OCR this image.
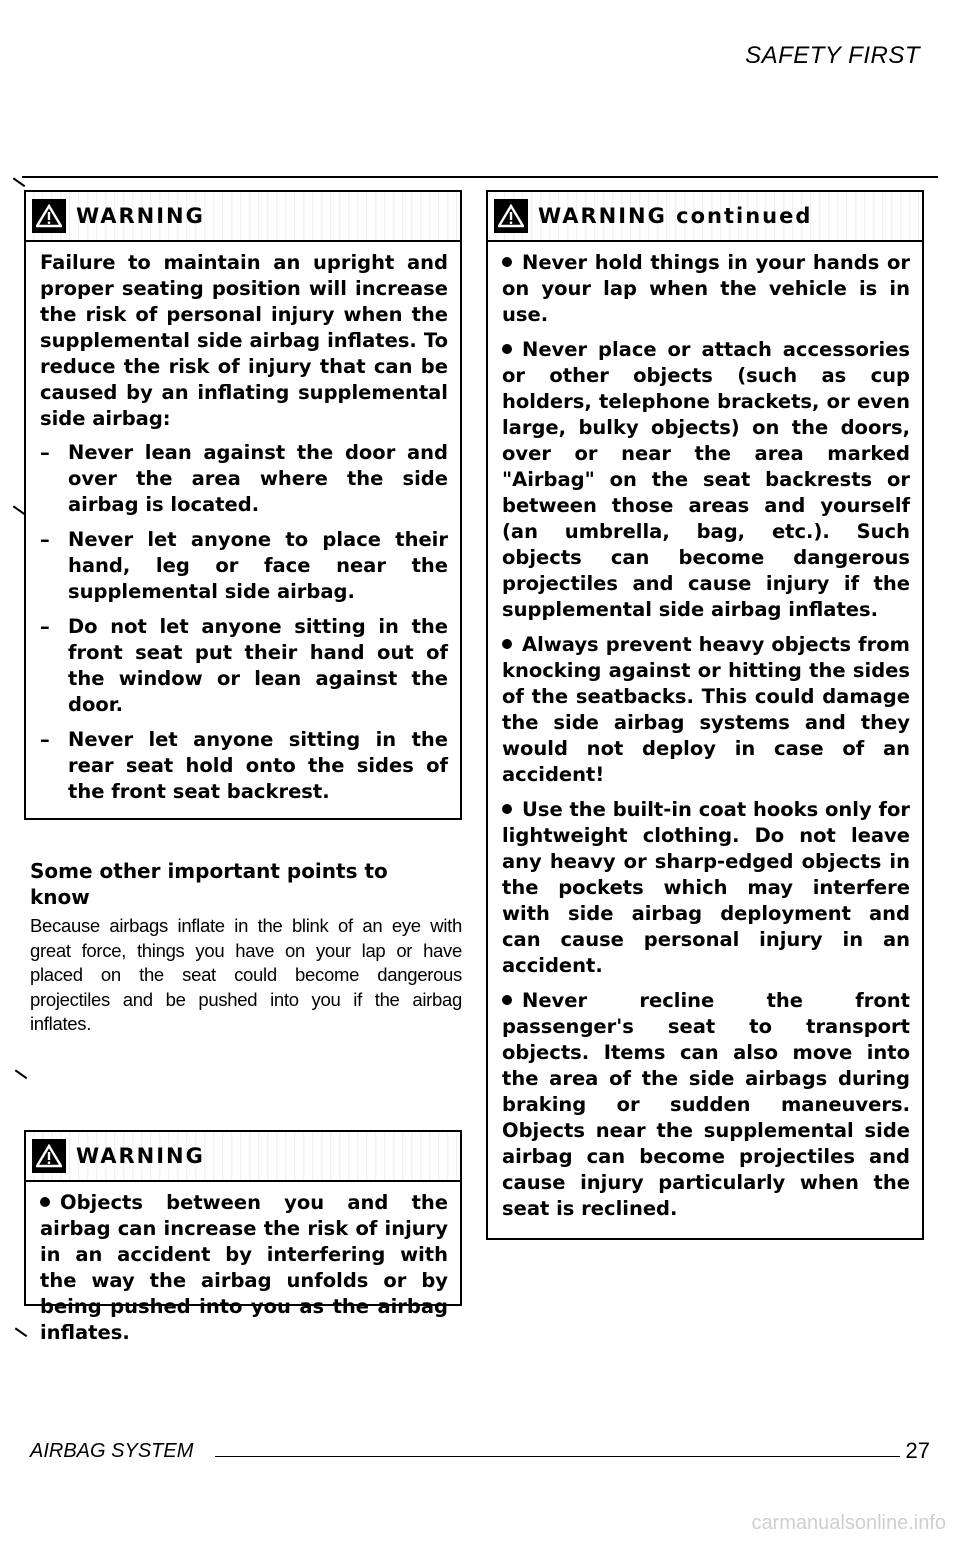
SAFETY FIRST
WARNING

Failure to maintain an upright and proper seating position will increase the risk of personal injury when the supplemental side airbag inflates. To reduce the risk of injury that can be caused by an inflating supplemental side airbag:

– Never lean against the door and over the area where the side airbag is located.
– Never let anyone to place their hand, leg or face near the supplemental side airbag.
– Do not let anyone sitting in the front seat put their hand out of the window or lean against the door.
– Never let anyone sitting in the rear seat hold onto the sides of the front seat backrest.
Some other important points to know
Because airbags inflate in the blink of an eye with great force, things you have on your lap or have placed on the seat could become dangerous projectiles and be pushed into you if the airbag inflates.
WARNING
Objects between you and the airbag can increase the risk of injury in an accident by interfering with the way the airbag unfolds or by being pushed into you as the airbag inflates.
WARNING continued
Never hold things in your hands or on your lap when the vehicle is in use.
Never place or attach accessories or other objects (such as cup holders, telephone brackets, or even large, bulky objects) on the doors, over or near the area marked "Airbag" on the seat backrests or between those areas and yourself (an umbrella, bag, etc.). Such objects can become dangerous projectiles and cause injury if the supplemental side airbag inflates.
Always prevent heavy objects from knocking against or hitting the sides of the seatbacks. This could damage the side airbag systems and they would not deploy in case of an accident!
Use the built-in coat hooks only for lightweight clothing. Do not leave any heavy or sharp-edged objects in the pockets which may interfere with side airbag deployment and can cause personal injury in an accident.
Never recline the front passenger's seat to transport objects. Items can also move into the area of the side airbags during braking or sudden maneuvers. Objects near the supplemental side airbag can become projectiles and cause injury particularly when the seat is reclined.
AIRBAG SYSTEM	27
carmanualsonline.info
